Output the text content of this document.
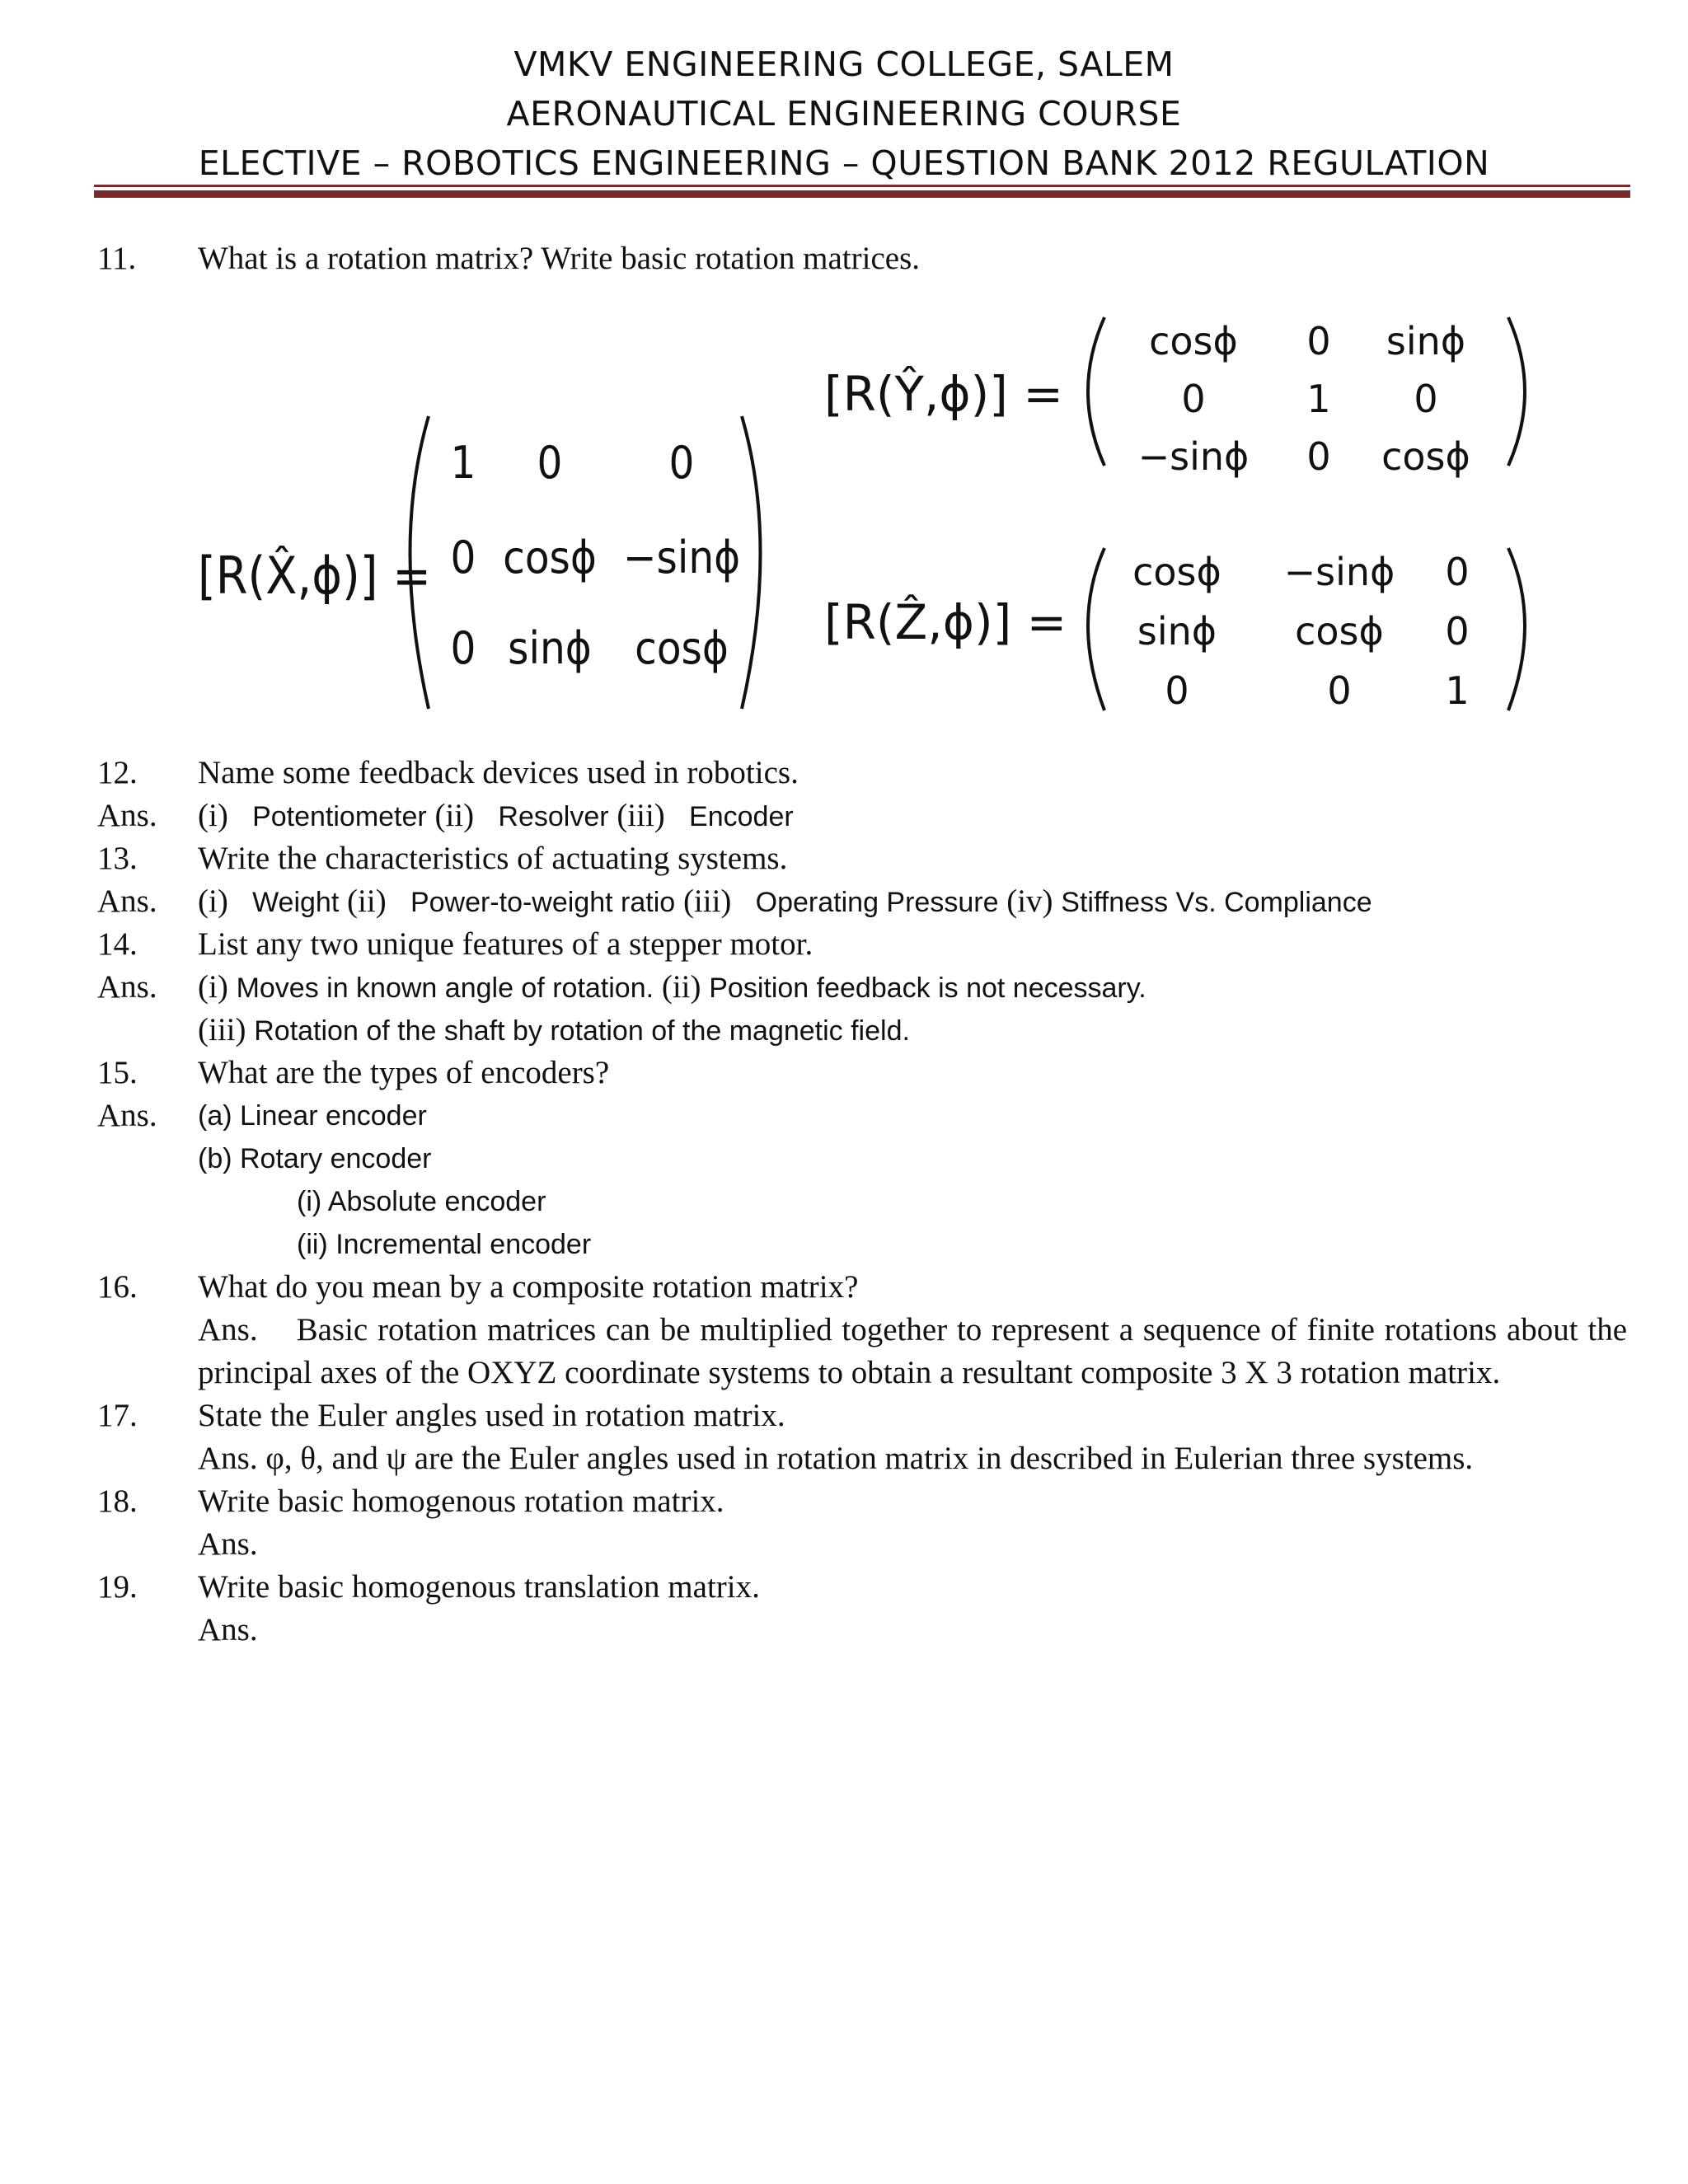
VMKV ENGINEERING COLLEGE, SALEM
AERONAUTICAL ENGINEERING COURSE
ELECTIVE – ROBOTICS ENGINEERING – QUESTION BANK 2012 REGULATION
11. What is a rotation matrix? Write basic rotation matrices.
[R(X̂,ϕ)] =
1 0 0
0 cosϕ −sinϕ
0 sinϕ cosϕ
[R(Ŷ,ϕ)] =
cosϕ 0 sinϕ
0	1 0
−sinϕ 0 cosϕ
[R(Ẑ,ϕ)] =
cosϕ −sinϕ 0
sinϕ cosϕ 0
0	0 1
12. Name some feedback devices used in robotics.
Ans. (i) Potentiometer (ii) Resolver (iii) Encoder
13. Write the characteristics of actuating systems.
Ans. (i) Weight (ii) Power-to-weight ratio (iii) Operating Pressure (iv) Stiffness Vs. Compliance
14. List any two unique features of a stepper motor.
Ans. (i) Moves in known angle of rotation. (ii) Position feedback is not necessary.
(iii) Rotation of the shaft by rotation of the magnetic field.
15. What are the types of encoders?
Ans. (a) Linear encoder
(b) Rotary encoder
(i) Absolute encoder
(ii) Incremental encoder
16. What do you mean by a composite rotation matrix?
Ans.    Basic rotation matrices can be multiplied together to represent a sequence of finite rotations about the principal axes of the OXYZ coordinate systems to obtain a resultant composite 3 X 3 rotation matrix.
17. State the Euler angles used in rotation matrix.
Ans. φ, θ, and ψ are the Euler angles used in rotation matrix in described in Eulerian three systems.
18. Write basic homogenous rotation matrix.
Ans.
19. Write basic homogenous translation matrix.
Ans.
